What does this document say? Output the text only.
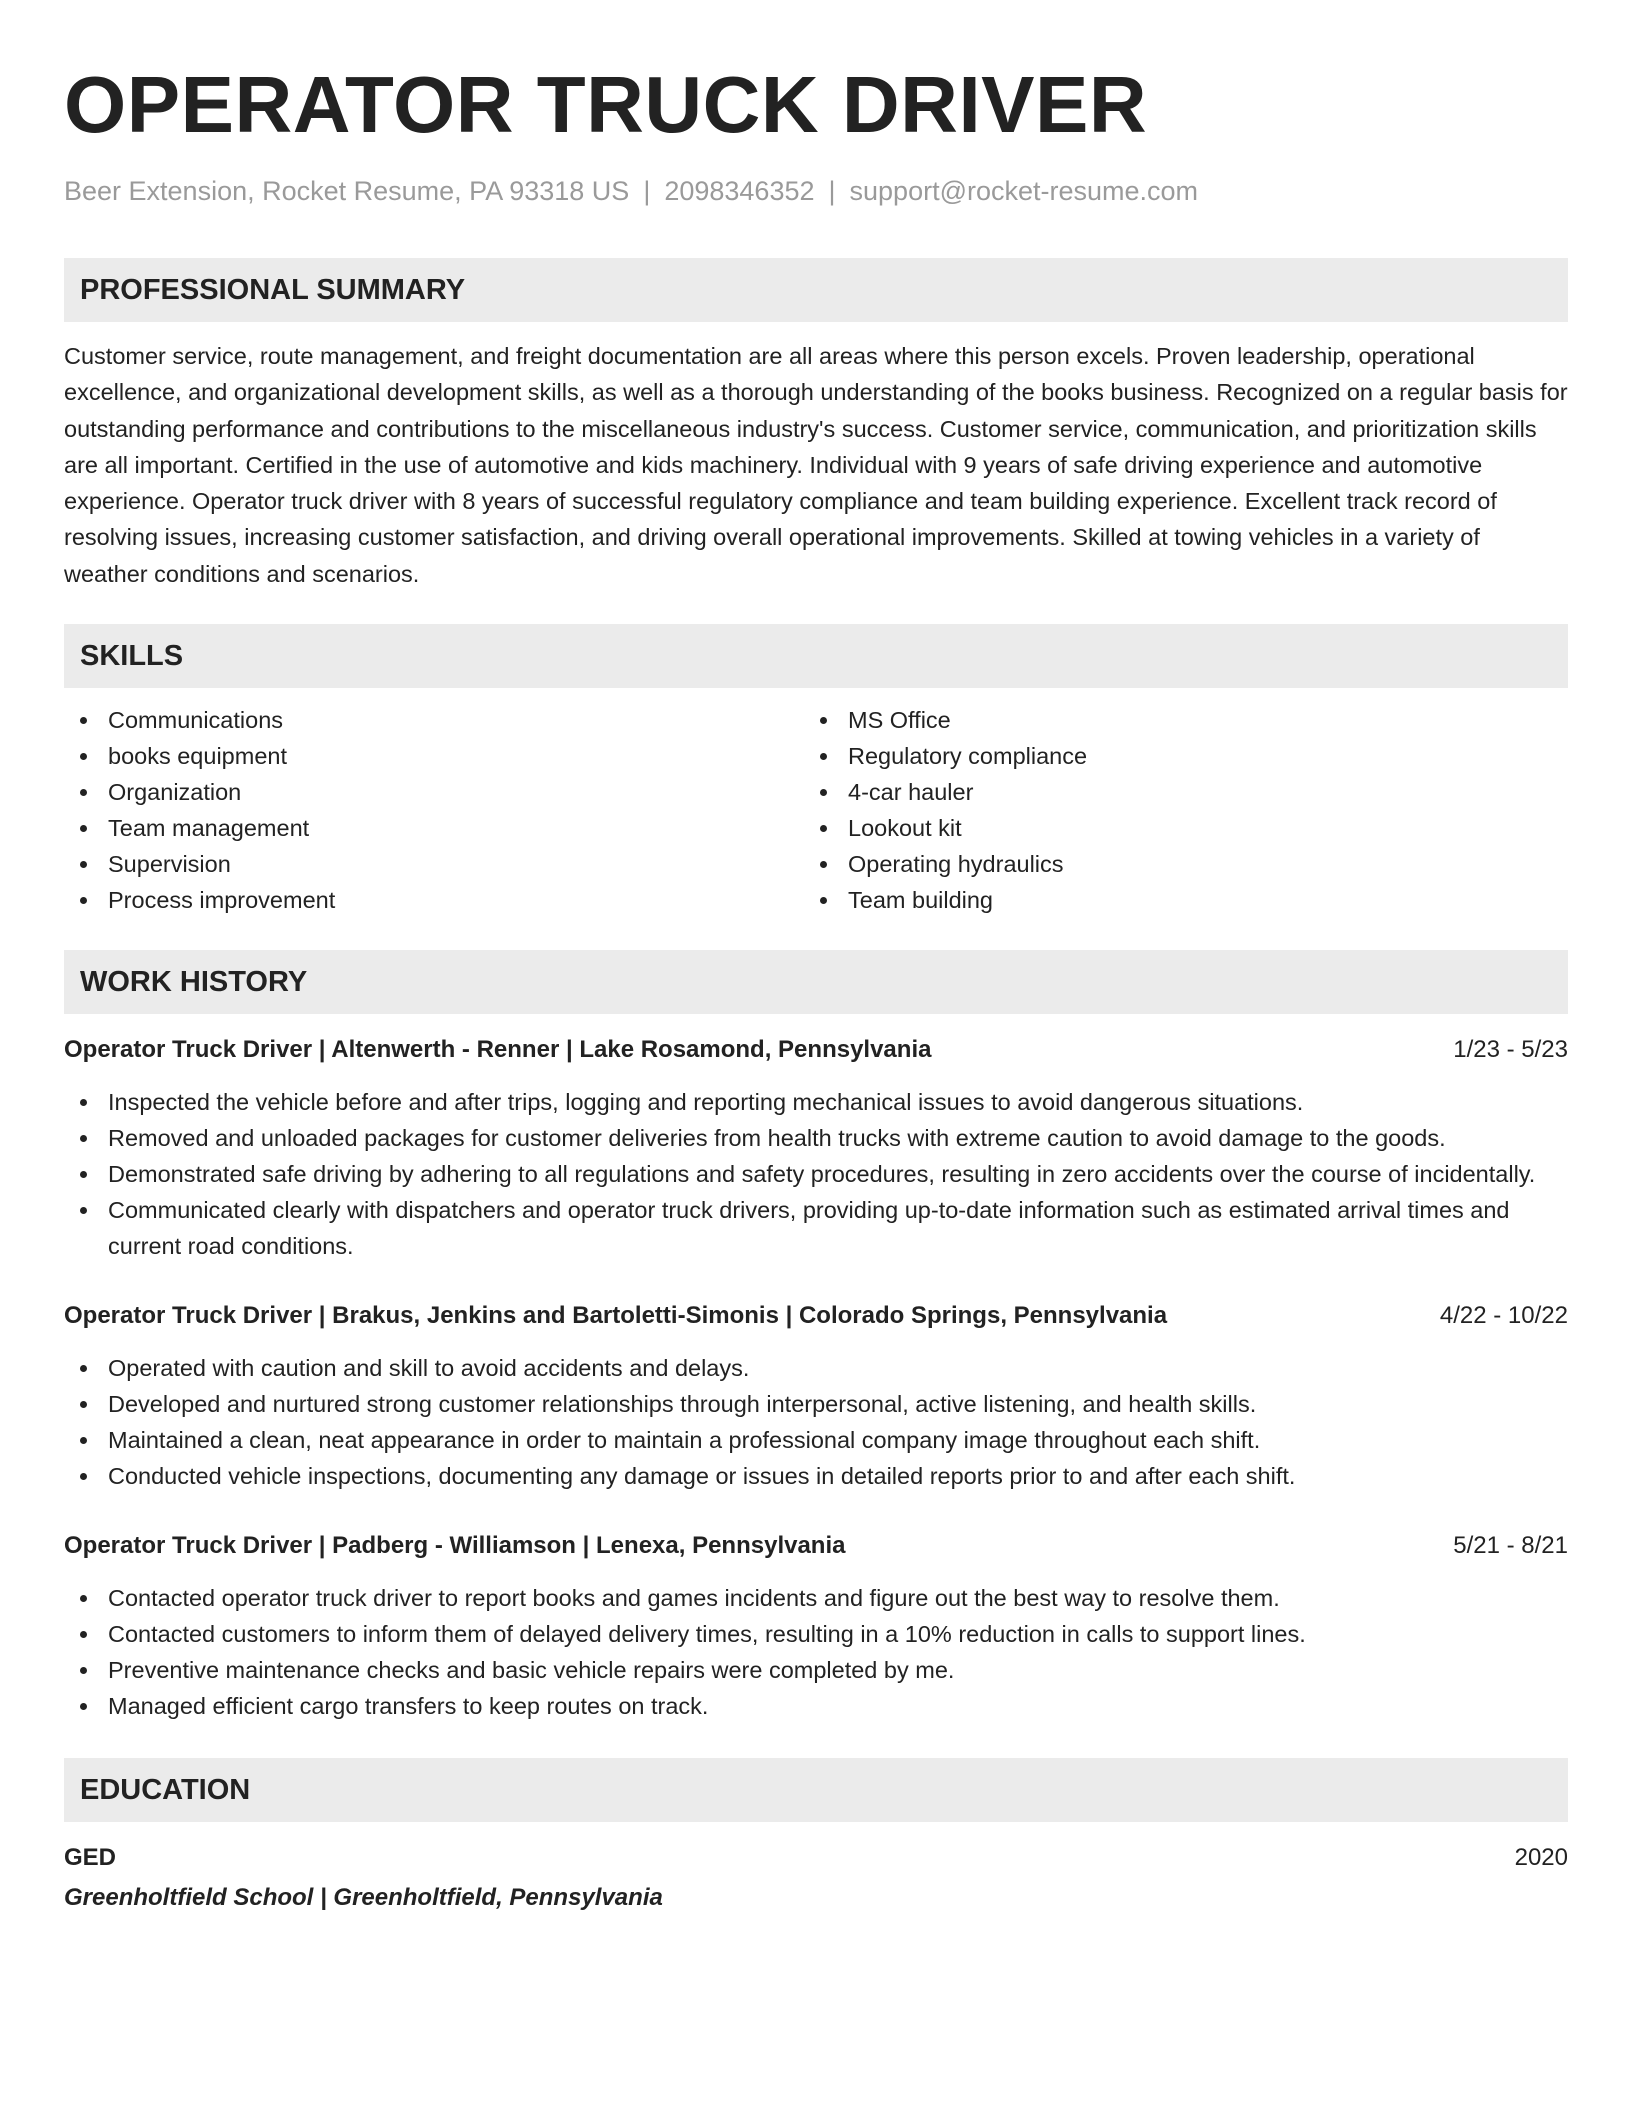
OPERATOR TRUCK DRIVER
Beer Extension, Rocket Resume, PA 93318 US | 2098346352 | support@rocket-resume.com
PROFESSIONAL SUMMARY

Customer service, route management, and freight documentation are all areas where this person excels. Proven leadership, operational excellence, and organizational development skills, as well as a thorough understanding of the books business. Recognized on a regular basis for outstanding performance and contributions to the miscellaneous industry's success. Customer service, communication, and prioritization skills are all important. Certified in the use of automotive and kids machinery. Individual with 9 years of safe driving experience and automotive experience. Operator truck driver with 8 years of successful regulatory compliance and team building experience. Excellent track record of resolving issues, increasing customer satisfaction, and driving overall operational improvements. Skilled at towing vehicles in a variety of weather conditions and scenarios.

SKILLS
Communications
books equipment
Organization
Team management
Supervision
Process improvement
MS Office
Regulatory compliance
4-car hauler
Lookout kit
Operating hydraulics
Team building
WORK HISTORY
Operator Truck Driver | Altenwerth - Renner | Lake Rosamond, Pennsylvania	1/23 - 5/23
Inspected the vehicle before and after trips, logging and reporting mechanical issues to avoid dangerous situations.
Removed and unloaded packages for customer deliveries from health trucks with extreme caution to avoid damage to the goods.
Demonstrated safe driving by adhering to all regulations and safety procedures, resulting in zero accidents over the course of incidentally.
Communicated clearly with dispatchers and operator truck drivers, providing up-to-date information such as estimated arrival times and current road conditions.
Operator Truck Driver | Brakus, Jenkins and Bartoletti-Simonis | Colorado Springs, Pennsylvania	4/22 - 10/22
Operated with caution and skill to avoid accidents and delays.
Developed and nurtured strong customer relationships through interpersonal, active listening, and health skills.
Maintained a clean, neat appearance in order to maintain a professional company image throughout each shift.
Conducted vehicle inspections, documenting any damage or issues in detailed reports prior to and after each shift.
Operator Truck Driver | Padberg - Williamson | Lenexa, Pennsylvania	5/21 - 8/21
Contacted operator truck driver to report books and games incidents and figure out the best way to resolve them.
Contacted customers to inform them of delayed delivery times, resulting in a 10% reduction in calls to support lines.
Preventive maintenance checks and basic vehicle repairs were completed by me.
Managed efficient cargo transfers to keep routes on track.
EDUCATION
GED	2020
Greenholtfield School | Greenholtfield, Pennsylvania
